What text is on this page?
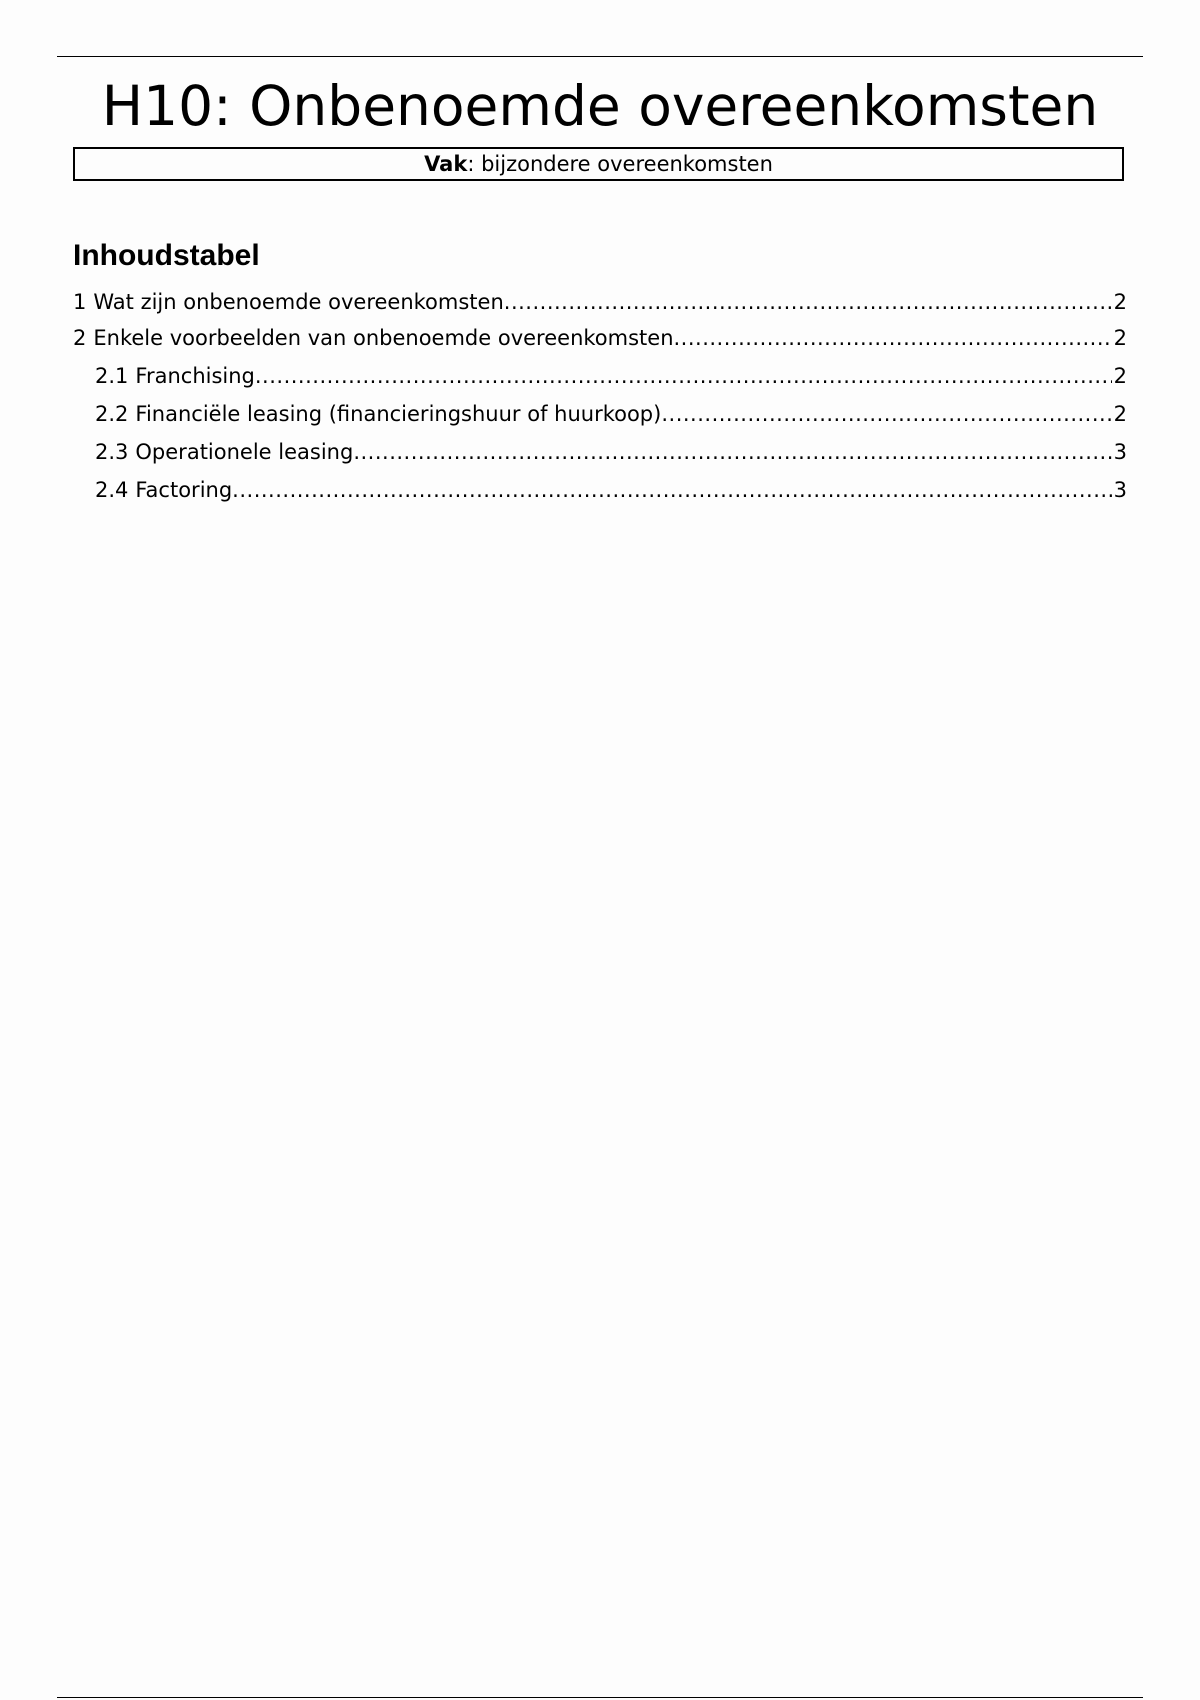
H10: Onbenoemde overeenkomsten
Vak: bijzondere overeenkomsten
Inhoudstabel
1 Wat zijn onbenoemde overeenkomsten .....	2
2 Enkele voorbeelden van onbenoemde overeenkomsten .....	2
2.1 Franchising .....	2
2.2 Financiële leasing (financieringshuur of huurkoop) .....	2
2.3 Operationele leasing .....	3
2.4 Factoring .....	3
